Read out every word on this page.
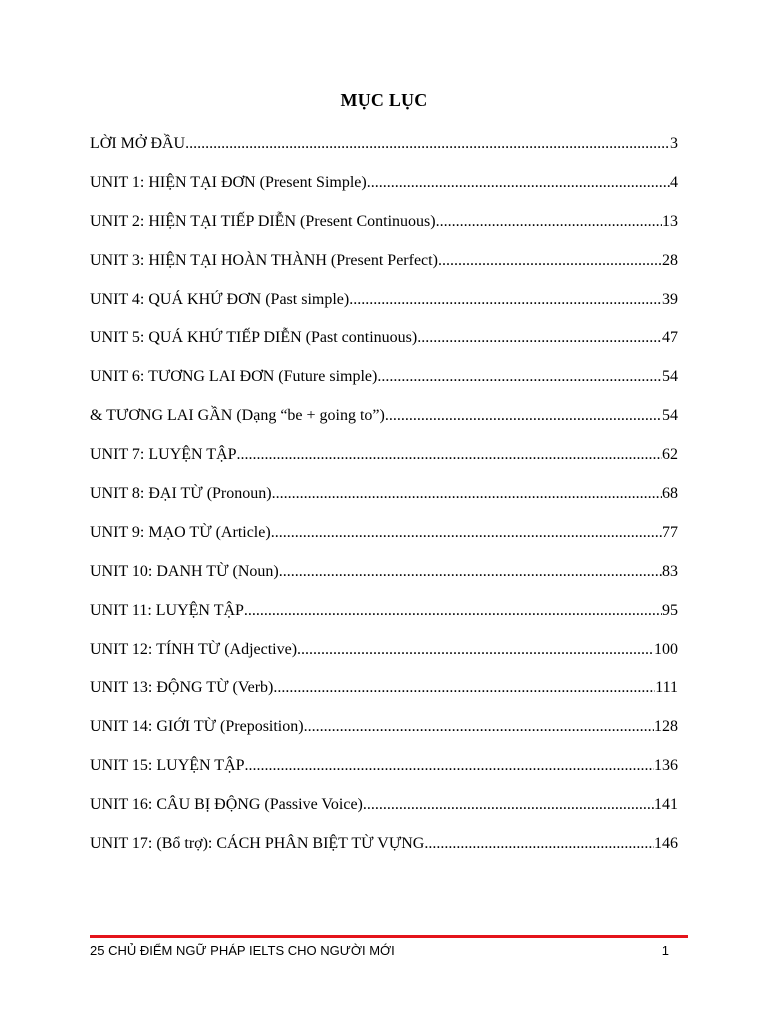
MỤC LỤC
LỜI MỞ ĐẦU .....	3
UNIT 1: HIỆN TẠI ĐƠN (Present Simple) .....	4
UNIT 2: HIỆN TẠI TIẾP DIỄN (Present Continuous) .....	13
UNIT 3: HIỆN TẠI HOÀN THÀNH (Present Perfect) .....	28
UNIT 4: QUÁ KHỨ ĐƠN (Past simple) .....	39
UNIT 5: QUÁ KHỨ TIẾP DIỄN (Past continuous) .....	47
UNIT 6: TƯƠNG LAI ĐƠN (Future simple) .....	54
& TƯƠNG LAI GẦN (Dạng “be + going to”) .....	54
UNIT 7: LUYỆN TẬP .....	62
UNIT 8: ĐẠI TỪ (Pronoun) .....	68
UNIT 9: MẠO TỪ (Article) .....	77
UNIT 10: DANH TỪ (Noun) .....	83
UNIT 11: LUYỆN TẬP .....	95
UNIT 12: TÍNH TỪ (Adjective) .....	100
UNIT 13: ĐỘNG TỪ (Verb) .....	111
UNIT 14: GIỚI TỪ (Preposition) .....	128
UNIT 15: LUYỆN TẬP .....	136
UNIT 16: CÂU BỊ ĐỘNG (Passive Voice) .....	141
UNIT 17: (Bổ trợ): CÁCH PHÂN BIỆT TỪ VỰNG .....	146
25 CHỦ ĐIỂM NGỮ PHÁP IELTS CHO NGƯỜI MỚI	1
